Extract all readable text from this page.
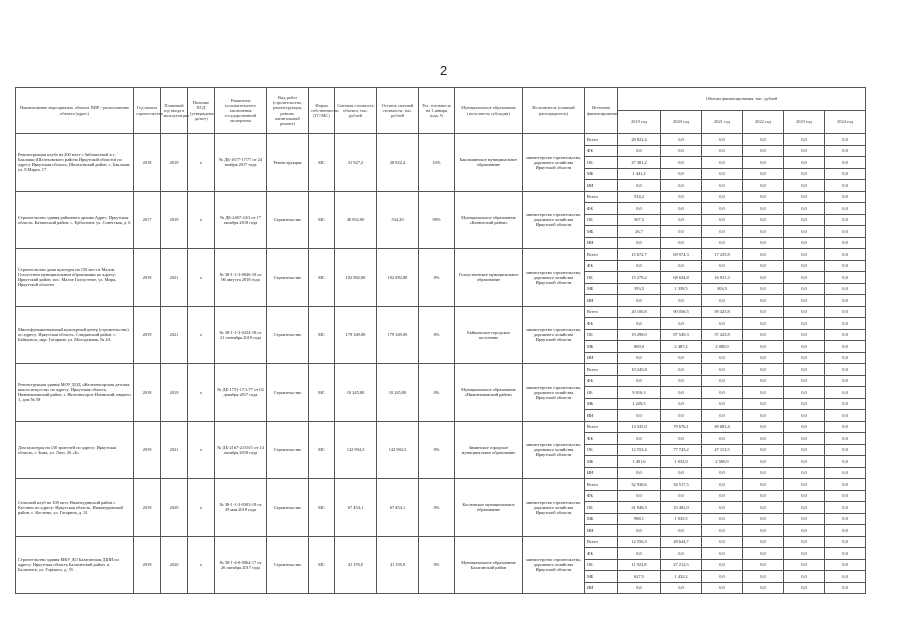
2
Наименование мероприятия, объекта ПИР / расположение объекта (адрес)	Год начала строительства	Плановый год ввода в эксплуатацию	Наличие ПСД (утверждена/да/нет)	Реквизиты положительного заключения государственной экспертизы	Вид работ (строительство, реконструкция, ремонт, капитальный ремонт)	Форма собственности (ГС/МС)	Сметная стоимость объекта, тыс. рублей	Остаток сметной стоимости, тыс. рублей	Тех. готовность на 1 января года, %	Муниципальное образование (получатель субсидии)	Исполнитель (главный распорядитель)	Источник финансирования	Объемы финансирования, тыс. рублей					
													2019 год	2020 год	2021 год	2022 год	2023 год	2024 год
Реконструкция клуба на 200 мест с библиотекой в с. Баклаши (Шелеховского района Иркутской области) по адресу Иркутская область, Шелеховский район, с. Баклаши, ул. 8 Марта, 17	2018	2019	х	№ ДБ-1677-17/77 от 24 ноября 2017 года	Реконструкция	МС	31 927,2	28 822,4	10%	Баклашинское муниципальное образование	министерство строительства, дорожного хозяйства Иркутской области	Всего	28 822,4	0,0	0,0	0,0	0,0	0,0
												ФБ	0,0	0,0	0,0	0,0	0,0	0,0
												ОБ	27 381,2	0,0	0,0	0,0	0,0	0,0
												МБ	1 441,2	0,0	0,0	0,0	0,0	0,0
												ИИ	0,0	0,0	0,0	0,0	0,0	0,0
Строительство здания районного архива Адрес: Иркутская область, Катангский район, с. Ербогачен, ул. Советская, д. 6	2017	2019	х	№ ДБ-2467-24/3 от 17 октября 2018 года	Строительство	МС	40 832,00	534,20	90%	Муниципальное образование «Катангский район»	министерство строительства, дорожного хозяйства Иркутской области	Всего	534,2	0,0	0,0	0,0	0,0	0,0
												ФБ	0,0	0,0	0,0	0,0	0,0	0,0
												ОБ	507,5	0,0	0,0	0,0	0,0	0,0
												МБ	26,7	0,0	0,0	0,0	0,0	0,0
												ИИ	0,0	0,0	0,0	0,0	0,0	0,0
Строительство дома культуры на 150 мест в Малом Голоустном муниципальном образовании по адресу: Иркутский район, пос. Малое Голоустное, ул. Мира, Иркутской области	2019	2021	х	№ 38-1-1-3-0046-18 от 06 августа 2018 года	Строительство	МС	102 882,80	102 882,80	0%	Голоустненское муниципальное образование	министерство строительства, дорожного хозяйства Иркутской области	Всего	15 672,7	69 974,3	17 235,8	0,0	0,0	0,0
												ФБ	0,0	0,0	0,0	0,0	0,0	0,0
												ОБ	15 279,2	68 634,8	16 931,3	0,0	0,0	0,0
												МБ	393,5	1 339,5	304,5	0,0	0,0	0,0
												ИИ	0,0	0,0	0,0	0,0	0,0	0,0
Многофункциональный культурный центр (строительство) по адресу: Иркутская область, Слюдянский район, г. Байкальск, мкр. Гагарина, ул. Молодежная, № 4А	2019	2021	х	№ 38-1-1-3-0234-18 от 21 сентября 2018 года	Строительство	МС	179 349,00	179 349,00	0%	Байкальское городское поселение	министерство строительства, дорожного хозяйства Иркутской области	Всего	20 100,8	90 036,5	59 425,8	0,0	0,0	0,0
												ФБ	0,0	0,0	0,0	0,0	0,0	0,0
												ОБ	19 298,0	87 549,3	57 425,8	0,0	0,0	0,0
												МБ	800,0	2 487,2	2 000,0	0,0	0,0	0,0
												ИИ	0,0	0,0	0,0	0,0	0,0	0,0
Реконструкция здания МОУ ДОД «Железногорская детская школа искусств» по адресу: Иркутская область, Нижнеилимский район, г. Железногорск-Илимский, квартал 1, дом № 58	2018	2019	х	№ ДБ-1751-17/1/77 от 02 декабря 2017 года	Строительство	МС	10 245,80	10 245,80	0%	Муниципальное образование «Нижнеилимский район»	министерство строительства, дорожного хозяйства Иркутской области	Всего	10 245,8	0,0	0,0	0,0	0,0	0,0
												ФБ	0,0	0,0	0,0	0,0	0,0	0,0
												ОБ	9 016,3	0,0	0,0	0,0	0,0	0,0
												МБ	1 229,5	0,0	0,0	0,0	0,0	0,0
												ИИ	0,0	0,0	0,0	0,0	0,0	0,0
Дом культуры на 150 зрителей по адресу: Иркутская область, г. Зима, ул. Лазо, 26 «Б»	2019	2021	х	№ ДБ-2167-21/03/1 от 14 октября 2018 года	Строительство	МС	142 904,5	142 904,5	0%	Зиминское городское муниципальное образование	министерство строительства, дорожного хозяйства Иркутской области	Всего	13 545,0	79 676,1	49 683,4	0,0	0,0	0,0
												ФБ	0,0	0,0	0,0	0,0	0,0	0,0
												ОБ	12 553,4	77 743,2	47 113,5	0,0	0,0	0,0
												МБ	1 491,6	1 932,9	2 569,9	0,0	0,0	0,0
												ИИ	0,0	0,0	0,0	0,0	0,0	0,0
Сельский клуб на 100 мест Нижнеудинский район с. Костино по адресу: Иркутская область, Нижнеудинский район, с. Костино, ул. Гагарина, д. 31	2019	2020	х	№ 38-1-1-3-0303-18 от 29 мая 2018 года	Строительство	МС	67 454,1	67 454,1	0%	Костинское муниципальное образование	министерство строительства, дорожного хозяйства Иркутской области	Всего	32 936,6	34 517,5	0,0	0,0	0,0	0,0
												ФБ	0,0	0,0	0,0	0,0	0,0	0,0
												ОБ	31 948,5	33 482,0	0,0	0,0	0,0	0,0
												МБ	988,1	1 035,5	0,0	0,0	0,0	0,0
												ИИ	0,0	0,0	0,0	0,0	0,0	0,0
Строительство здания МКУ ДО Балаганская ДШИ по адресу: Иркутская область Балаганский район, п. Балаганск, ул. Горького, д. 55	2019	2020	х	№ 38-1-4-0-0064-17 от 26 октября 2017 года	Строительство	МС	41 195,0	41 195,0	0%	Муниципальное образование Балаганский район	министерство строительства, дорожного хозяйства Иркутской области	Всего	12 550,3	28 644,7	0,0	0,0	0,0	0,0
												ФБ	0,0	0,0	0,0	0,0	0,0	0,0
												ОБ	11 922,8	27 212,5	0,0	0,0	0,0	0,0
												МБ	627,5	1 432,2	0,0	0,0	0,0	0,0
												ИИ	0,0	0,0	0,0	0,0	0,0	0,0
